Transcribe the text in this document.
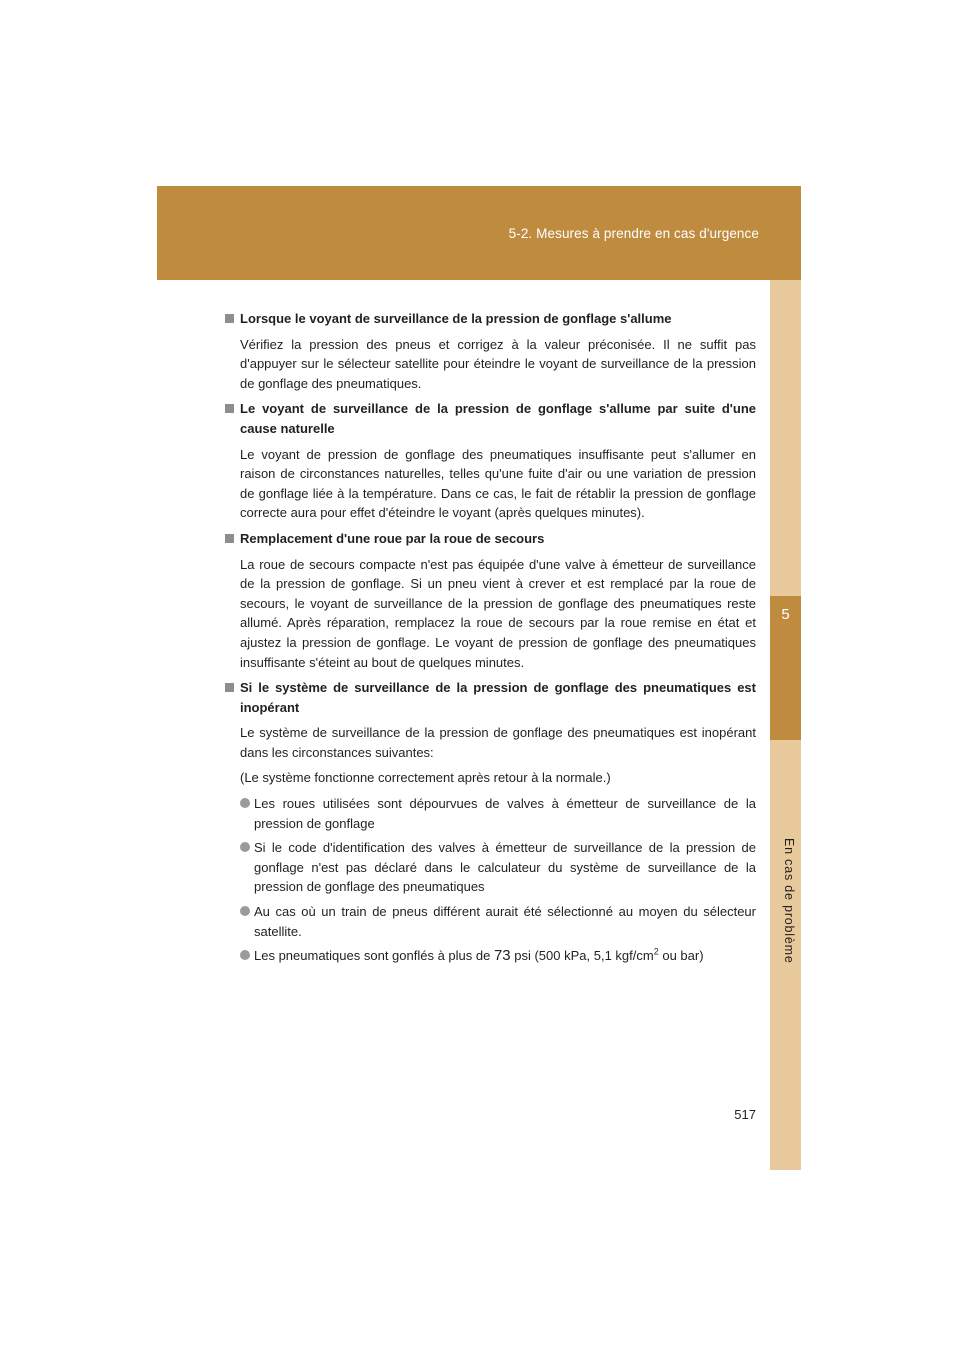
5-2. Mesures à prendre en cas d'urgence
5
En cas de problème
Lorsque le voyant de surveillance de la pression de gonflage s'allume
Vérifiez la pression des pneus et corrigez à la valeur préconisée. Il ne suffit pas d'appuyer sur le sélecteur satellite pour éteindre le voyant de surveillance de la pression de gonflage des pneumatiques.
Le voyant de surveillance de la pression de gonflage s'allume par suite d'une cause naturelle
Le voyant de pression de gonflage des pneumatiques insuffisante peut s'allumer en raison de circonstances naturelles, telles qu'une fuite d'air ou une variation de pression de gonflage liée à la température. Dans ce cas, le fait de rétablir la pression de gonflage correcte aura pour effet d'éteindre le voyant (après quelques minutes).
Remplacement d'une roue par la roue de secours
La roue de secours compacte n'est pas équipée d'une valve à émetteur de surveillance de la pression de gonflage. Si un pneu vient à crever et est remplacé par la roue de secours, le voyant de surveillance de la pression de gonflage des pneumatiques reste allumé. Après réparation, remplacez la roue de secours par la roue remise en état et ajustez la pression de gonflage. Le voyant de pression de gonflage des pneumatiques insuffisante s'éteint au bout de quelques minutes.
Si le système de surveillance de la pression de gonflage des pneumatiques est inopérant
Le système de surveillance de la pression de gonflage des pneumatiques est inopérant dans les circonstances suivantes:
(Le système fonctionne correctement après retour à la normale.)
Les roues utilisées sont dépourvues de valves à émetteur de surveillance de la pression de gonflage
Si le code d'identification des valves à émetteur de surveillance de la pression de gonflage n'est pas déclaré dans le calculateur du système de surveillance de la pression de gonflage des pneumatiques
Au cas où un train de pneus différent aurait été sélectionné au moyen du sélecteur satellite.
Les pneumatiques sont gonflés à plus de 73 psi (500 kPa, 5,1 kgf/$cm^2$ ou bar)
517
